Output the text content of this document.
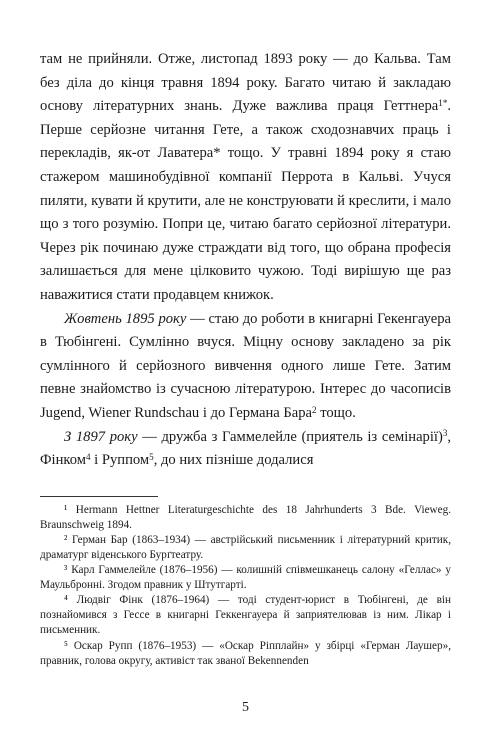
там не прийняли. Отже, листопад 1893 року — до Кальва. Там без діла до кінця травня 1894 року. Багато читаю й закладаю основу літературних знань. Дуже важлива праця Геттнера$^{1*}$. Перше серйозне читання Гете, а також сходознавчих праць і перекладів, як-от Лаватера* тощо. У травні 1894 року я стаю стажером машинобудівної компанії Перрота в Кальві. Учуся пиляти, кувати й крутити, але не конструювати й креслити, і мало що з того розумію. Попри це, читаю багато серйозної літератури. Через рік починаю дуже страждати від того, що обрана професія залишається для мене цілковито чужою. Тоді вирішую ще раз наважитися стати продавцем книжок.

Жовтень 1895 року — стаю до роботи в книгарні Гекенгауера в Тюбінгені. Сумлінно вчуся. Міцну основу закладено за рік сумлінного й серйозного вивчення одного лише Гете. Затим певне знайомство із сучасною літературою. Інтерес до часописів Jugend, Wiener Rundschau і до Германа Бара$^2$ тощо.

З 1897 року — дружба з Гаммелейле (приятель із семінарії)$^3$, Фінком$^4$ і Руппом$^5$, до них пізніше додалися

¹ Hermann Hettner Literaturgeschichte des 18 Jahrhunderts 3 Bde. Vieweg. Braunschweig 1894.

² Герман Бар (1863–1934) — австрійський письменник і літературний критик, драматург віденського Бурґтеатру.

³ Карл Гаммелейле (1876–1956) — колишній співмешканець салону «Геллас» у Маульбронні. Згодом правник у Штутгарті.

⁴ Людвіг Фінк (1876–1964) — тоді студент-юрист в Тюбінгені, де він познайомився з Гессе в книгарні Геккенгауера й заприятелював із ним. Лікар і письменник.

⁵ Оскар Рупп (1876–1953) — «Оскар Ріпплайн» у збірці «Герман Лаушер», правник, голова округу, активіст так званої Bekennenden

5
